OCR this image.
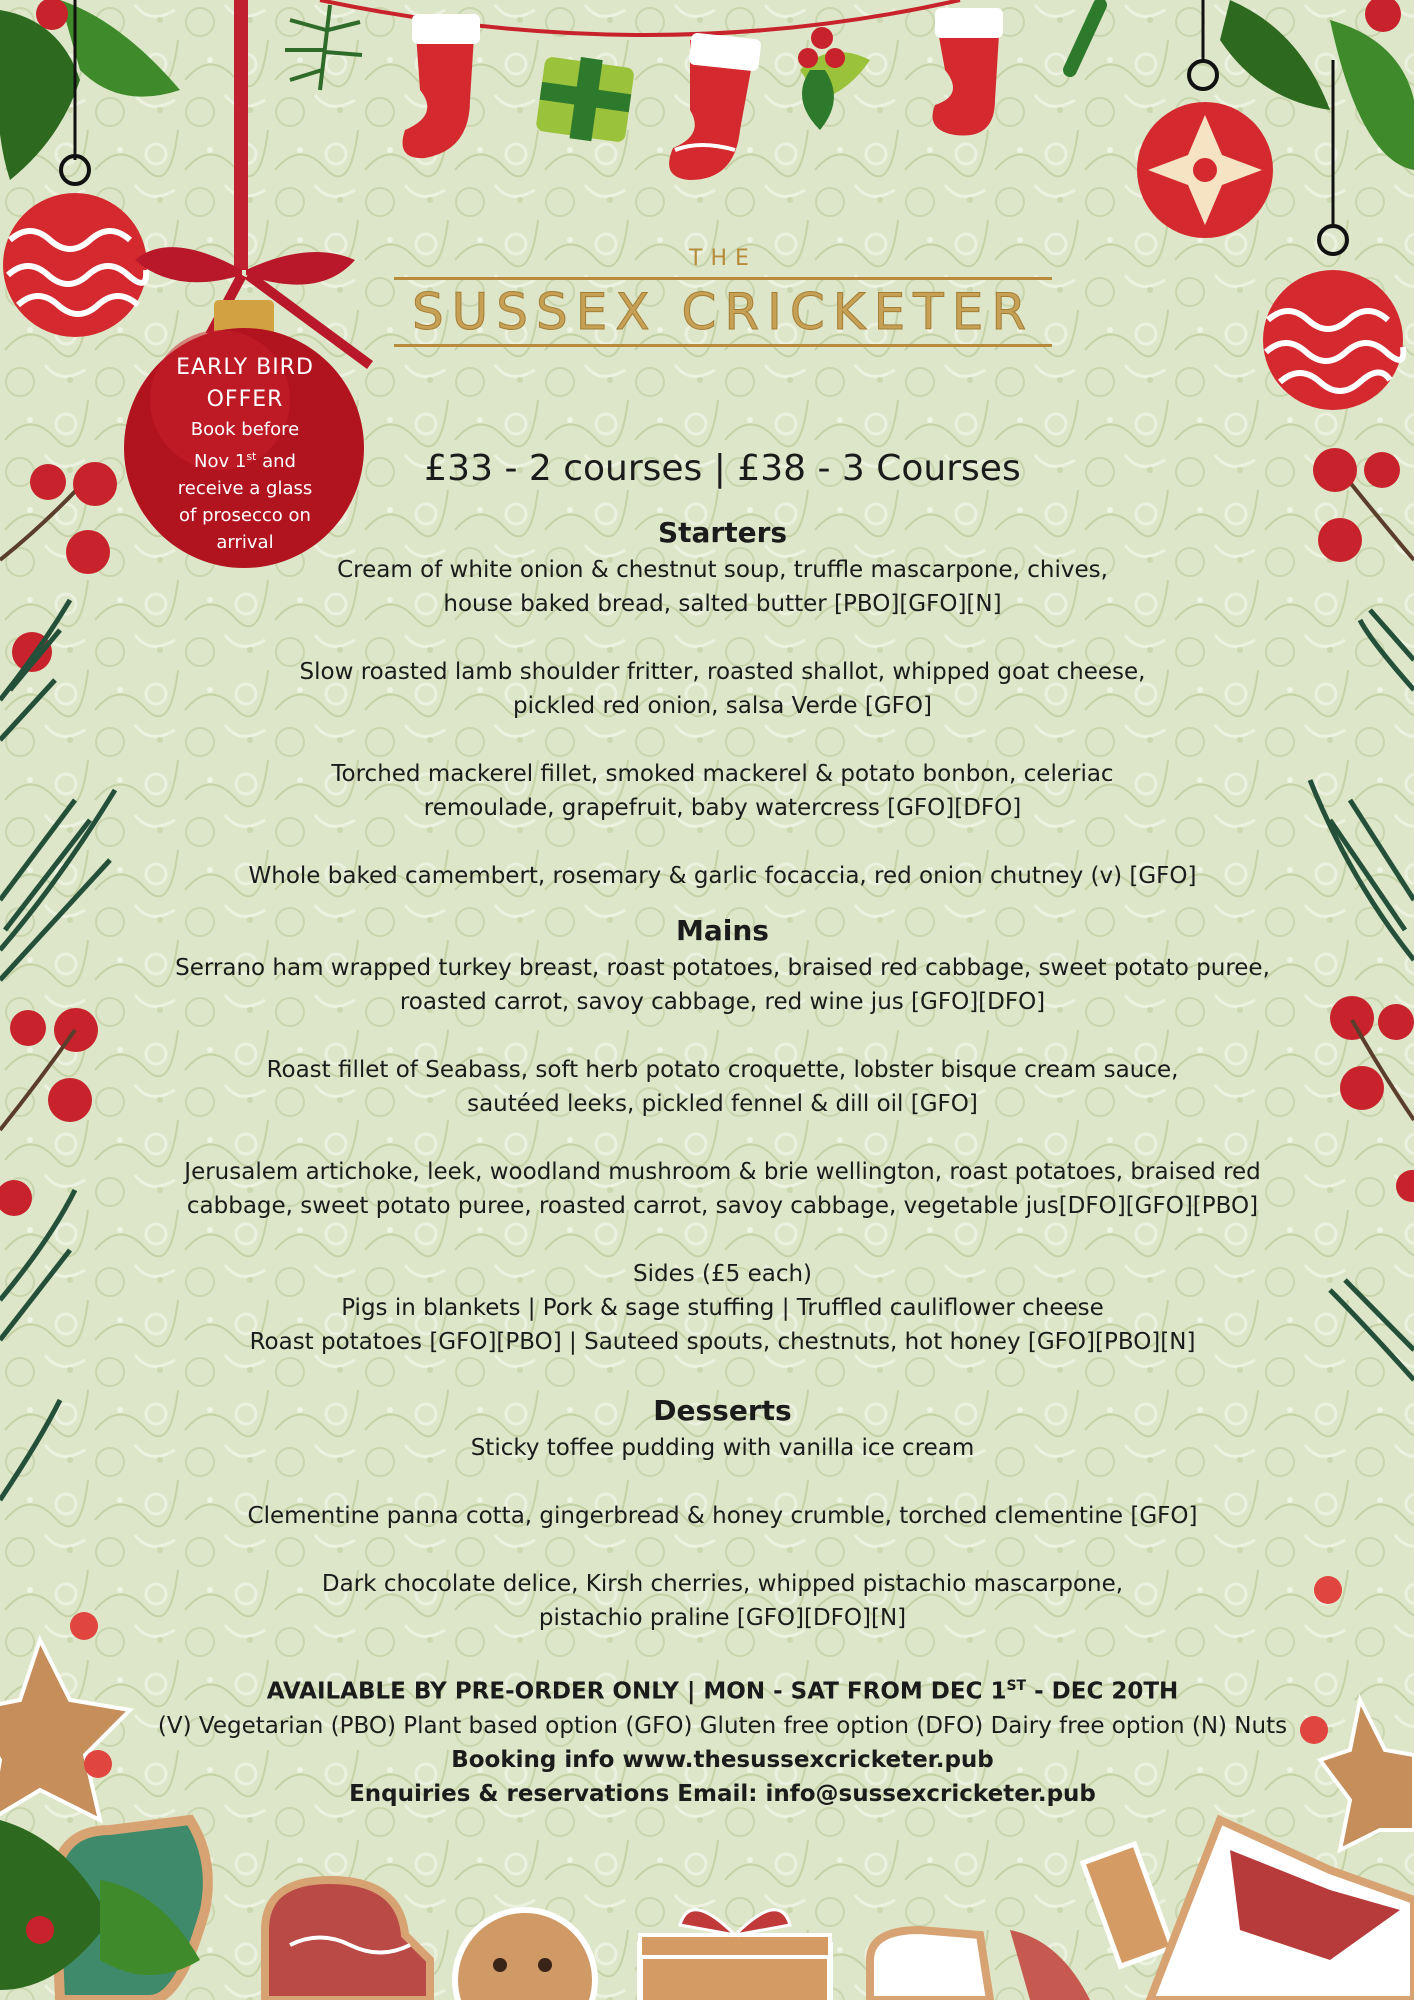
THE
SUSSEX CRICKETER
EARLY BIRD
OFFER
Book before
Nov 1st and
receive a glass
of prosecco on
arrival

£33 - 2 courses | £38 - 3 Courses

Starters

Cream of white onion & chestnut soup, truffle mascarpone, chives,
house baked bread, salted butter [PBO][GFO][N]

Slow roasted lamb shoulder fritter, roasted shallot, whipped goat cheese,
pickled red onion, salsa Verde [GFO]

Torched mackerel fillet, smoked mackerel & potato bonbon, celeriac
remoulade, grapefruit, baby watercress [GFO][DFO]

Whole baked camembert, rosemary & garlic focaccia, red onion chutney (v) [GFO]

Mains

Serrano ham wrapped turkey breast, roast potatoes, braised red cabbage, sweet potato puree,
roasted carrot, savoy cabbage, red wine jus [GFO][DFO]

Roast fillet of Seabass, soft herb potato croquette, lobster bisque cream sauce,
sautéed leeks, pickled fennel & dill oil [GFO]

Jerusalem artichoke, leek, woodland mushroom & brie wellington, roast potatoes, braised red
cabbage, sweet potato puree, roasted carrot, savoy cabbage, vegetable jus[DFO][GFO][PBO]

Sides (£5 each)
Pigs in blankets | Pork & sage stuffing | Truffled cauliflower cheese
Roast potatoes [GFO][PBO] | Sauteed spouts, chestnuts, hot honey [GFO][PBO][N]
Desserts

Sticky toffee pudding with vanilla ice cream

Clementine panna cotta, gingerbread & honey crumble, torched clementine [GFO]

Dark chocolate delice, Kirsh cherries, whipped pistachio mascarpone,
pistachio praline [GFO][DFO][N]

AVAILABLE BY PRE-ORDER ONLY | MON - SAT FROM DEC 1ST - DEC 20TH
(V) Vegetarian (PBO) Plant based option (GFO) Gluten free option (DFO) Dairy free option (N) Nuts
Booking info www.thesussexcricketer.pub
Enquiries & reservations Email: info@sussexcricketer.pub
